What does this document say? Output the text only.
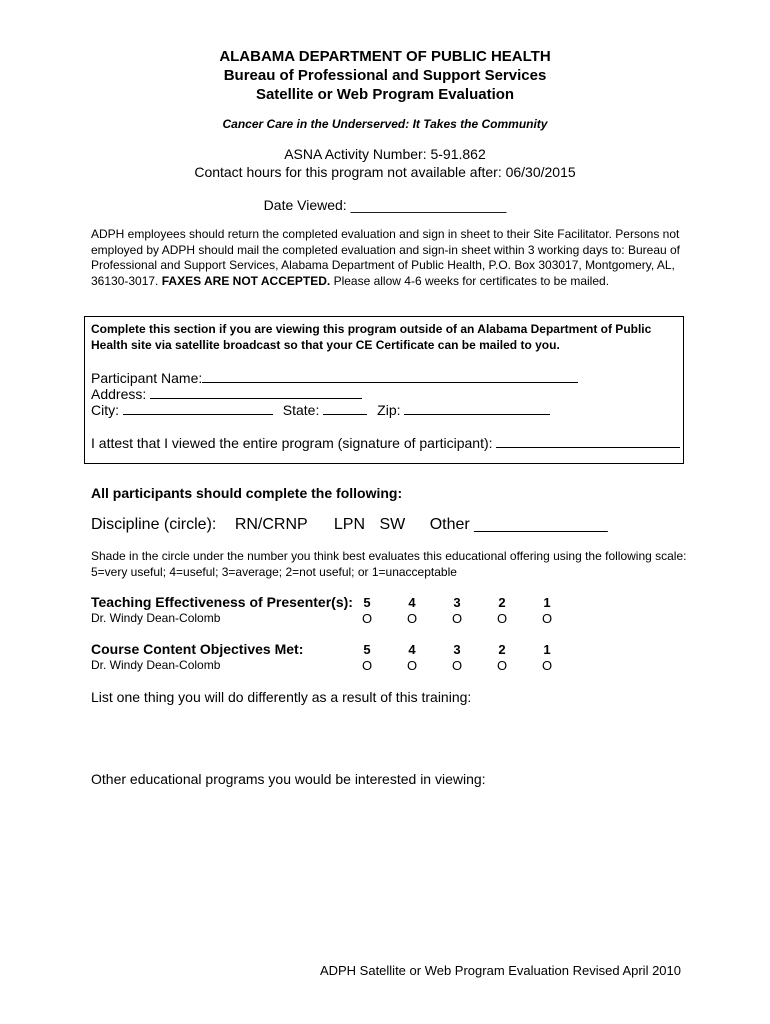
ALABAMA DEPARTMENT OF PUBLIC HEALTH
Bureau of Professional and Support Services
Satellite or Web Program Evaluation
Cancer Care in the Underserved: It Takes the Community
ASNA Activity Number: 5-91.862
Contact hours for this program not available after: 06/30/2015
Date Viewed: ____________________
ADPH employees should return the completed evaluation and sign in sheet to their Site Facilitator. Persons not employed by ADPH should mail the completed evaluation and sign-in sheet within 3 working days to: Bureau of Professional and Support Services, Alabama Department of Public Health, P.O. Box 303017, Montgomery, AL, 36130-3017. FAXES ARE NOT ACCEPTED. Please allow 4-6 weeks for certificates to be mailed.
Complete this section if you are viewing this program outside of an Alabama Department of Public Health site via satellite broadcast so that your CE Certificate can be mailed to you.
Participant Name:
Address:
City:	State:	Zip:
I attest that I viewed the entire program (signature of participant):
All participants should complete the following:
Discipline (circle): RN/CRNP LPN SW Other _______________
Shade in the circle under the number you think best evaluates this educational offering using the following scale: 5=very useful; 4=useful; 3=average; 2=not useful; or 1=unacceptable
Teaching Effectiveness of Presenter(s):
Dr. Windy Dean-Colomb
5	4	3	2	1
O	O	O	O	O
Course Content Objectives Met:
Dr. Windy Dean-Colomb
5	4	3	2	1
O	O	O	O	O
List one thing you will do differently as a result of this training:
Other educational programs you would be interested in viewing:
ADPH Satellite or Web Program Evaluation Revised April 2010
